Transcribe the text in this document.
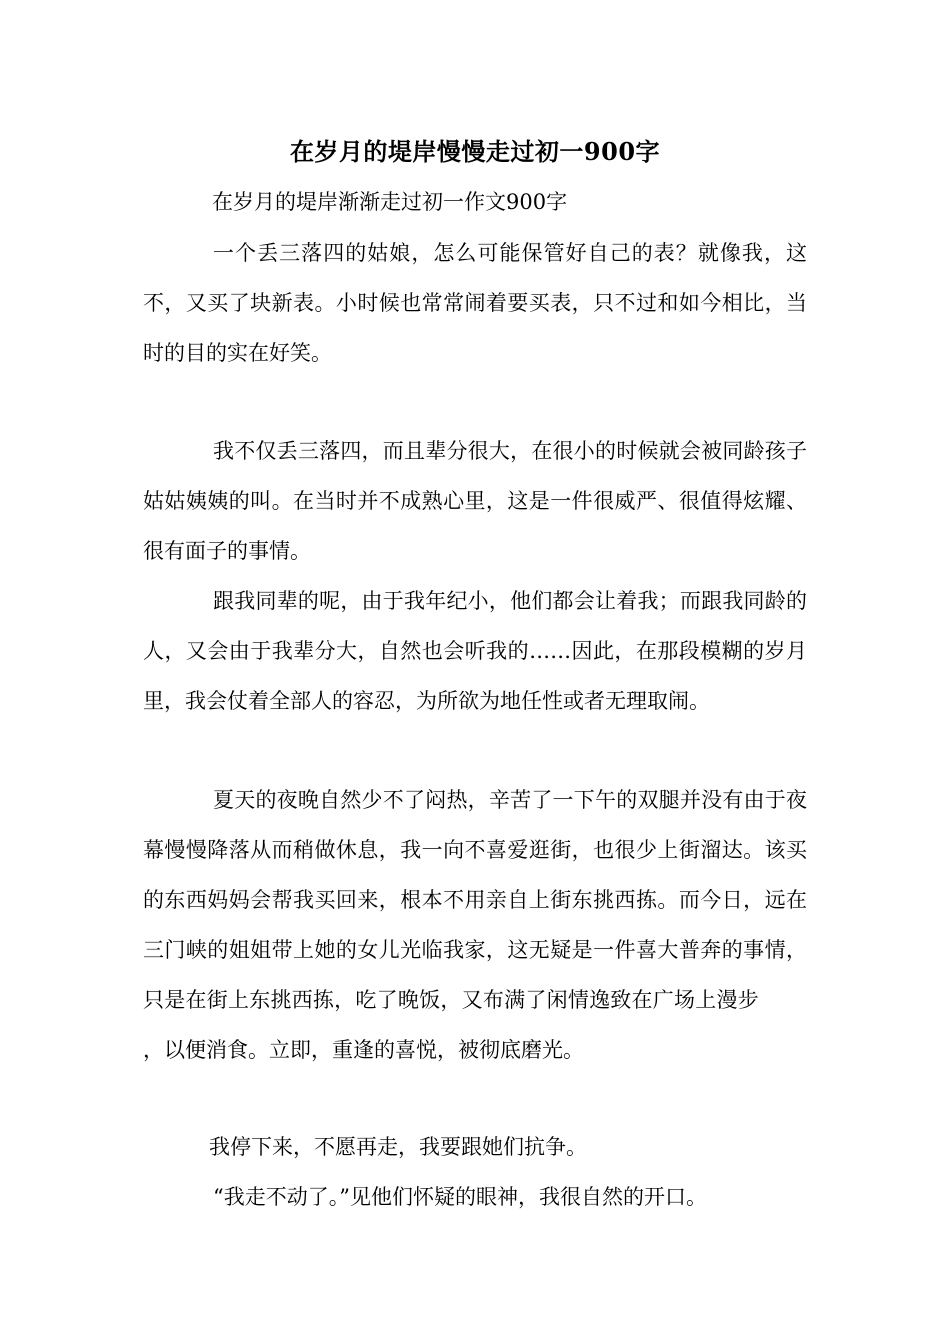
在岁月的堤岸慢慢走过初一900字
在岁月的堤岸渐渐走过初一作文900字

一个丢三落四的姑娘，怎么可能保管好自己的表？就像我，这不，又买了块新表。小时候也常常闹着要买表，只不过和如今相比，当时的目的实在好笑。

我不仅丢三落四，而且辈分很大，在很小的时候就会被同龄孩子姑姑姨姨的叫。在当时并不成熟心里，这是一件很威严、很值得炫耀、很有面子的事情。

跟我同辈的呢，由于我年纪小，他们都会让着我；而跟我同龄的人，又会由于我辈分大，自然也会听我的……因此，在那段模糊的岁月里，我会仗着全部人的容忍，为所欲为地任性或者无理取闹。

夏天的夜晚自然少不了闷热，辛苦了一下午的双腿并没有由于夜幕慢慢降落从而稍做休息，我一向不喜爱逛街，也很少上街溜达。该买的东西妈妈会帮我买回来，根本不用亲自上街东挑西拣。而今日，远在三门峡的姐姐带上她的女儿光临我家，这无疑是一件喜大普奔的事情，只是在街上东挑西拣，吃了晚饭，又布满了闲情逸致在广场上漫步，以便消食。立即，重逢的喜悦，被彻底磨光。

我停下来，不愿再走，我要跟她们抗争。

“我走不动了。”见他们怀疑的眼神，我很自然的开口。
